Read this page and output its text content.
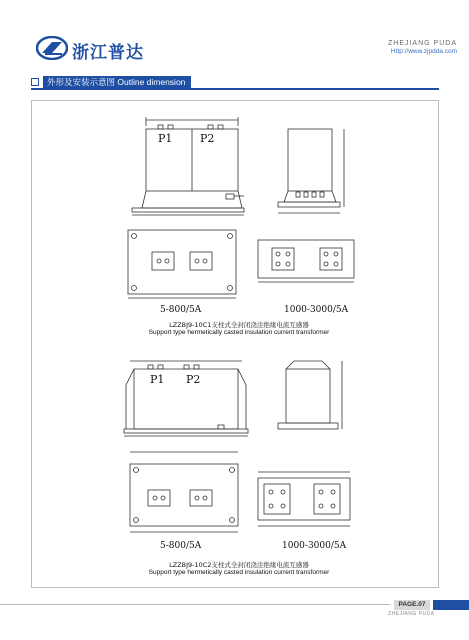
浙江普达	ZHEJIANG PUDA
Http://www.zjpdda.com
外形及安装示意图 Outline dimension
P1	P2
5-800/5A	1000-3000/5A
LZZBJ9-10C1支柱式全封闭浇注绝缘电流互感器
Support type hermetically casted insulation current transformer
P1 P2
5-800/5A	1000-3000/5A
LZZBJ9-10C2支柱式全封闭浇注绝缘电流互感器
Support type hermetically casted insulation current transformer
PAGE.07
ZHEJIANG PUDA
